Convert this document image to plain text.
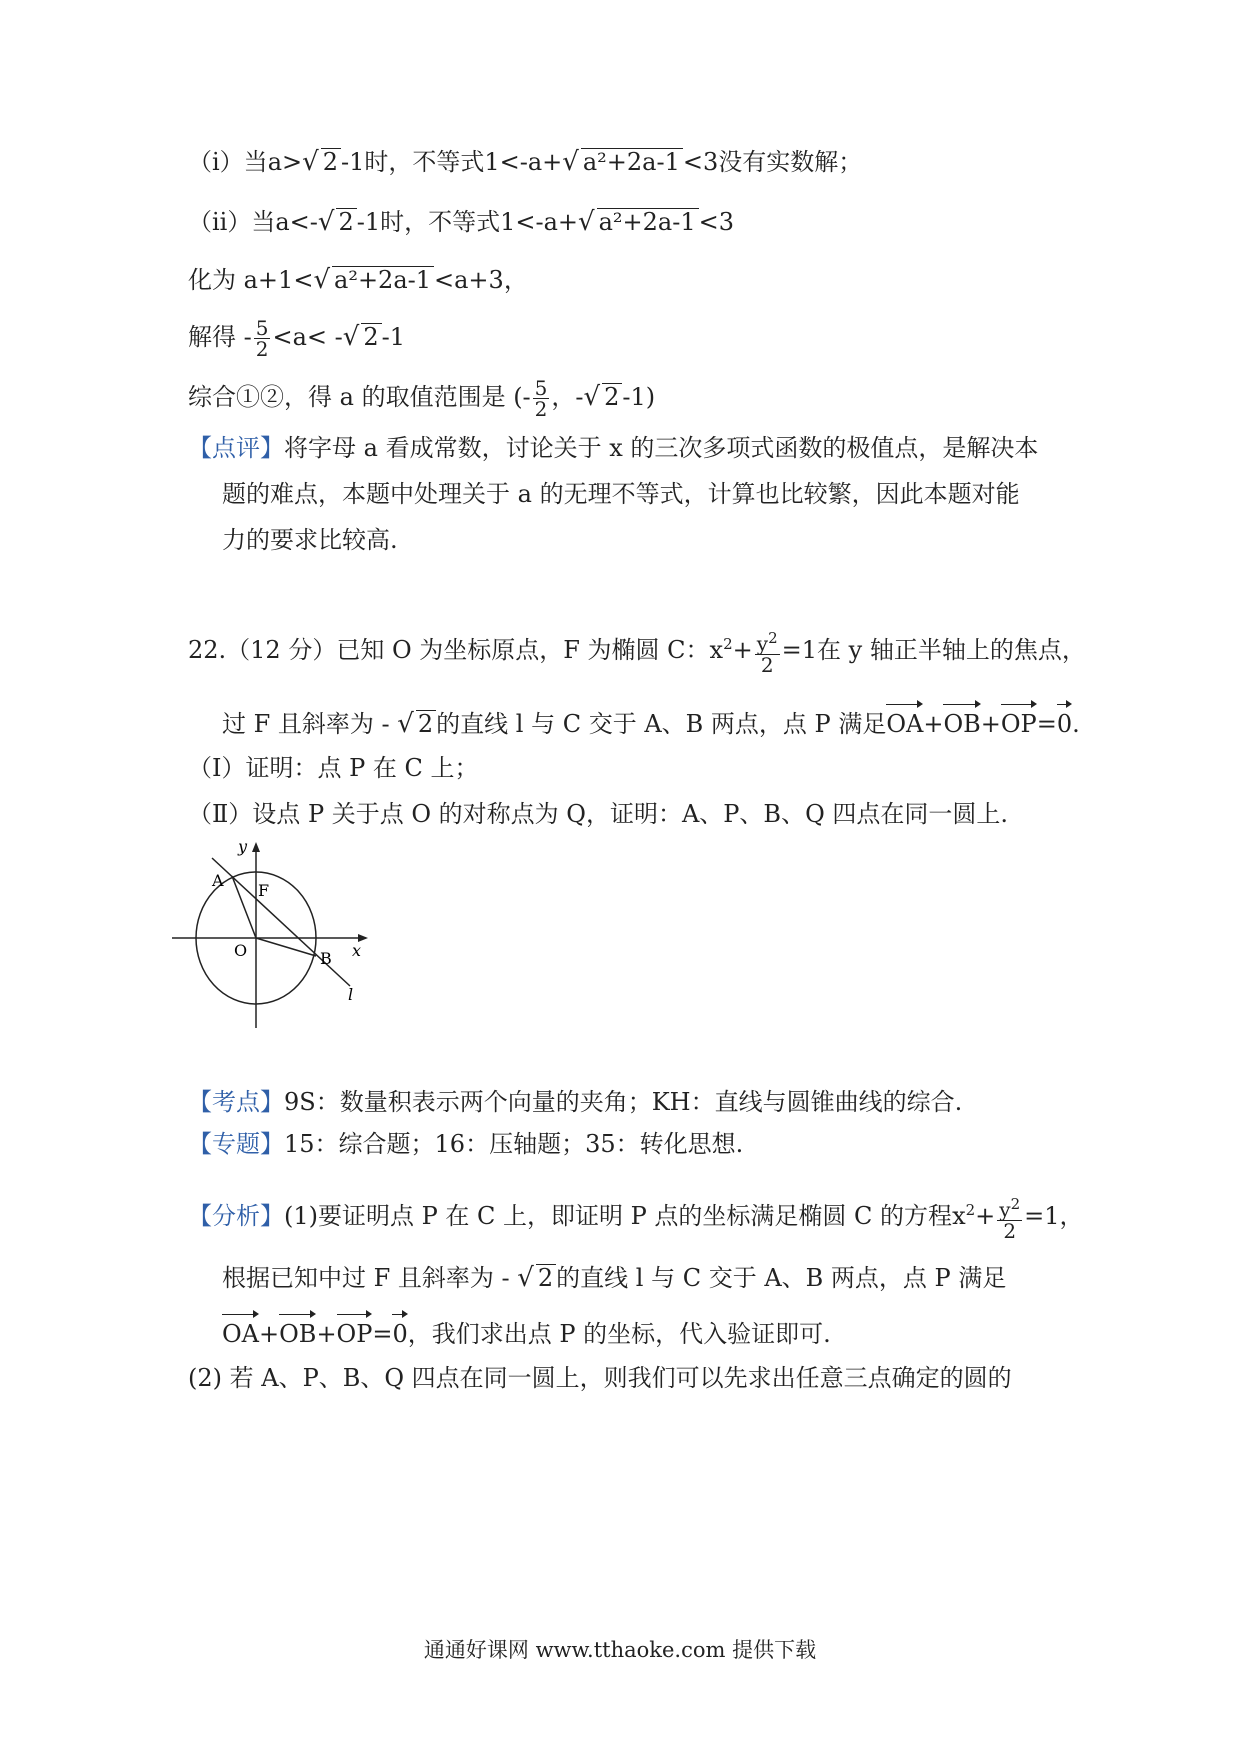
（i）当a>√ 2 -1时，不等式1<-a+√ a²+2a-1 <3没有实数解；
（ii）当a<-√ 2 -1时，不等式1<-a+√ a²+2a-1 <3
化为 a+1<√ a²+2a-1 <a+3，
解得 - $\frac{5}{2} <a<$ -√ 2 -1
综合①②，得 a 的取值范围是 (- $\frac{5}{2}$ ，-√ 2 -1)
【点评】将字母 a 看成常数，讨论关于 x 的三次多项式函数的极值点，是解决本
题的难点，本题中处理关于 a 的无理不等式，计算也比较繁，因此本题对能
力的要求比较高.
22.（12 分）已知 O 为坐标原点，F 为椭圆 C：$x^2+ \frac{y^2}{2} =1$在 y 轴正半轴上的焦点，
过 F 且斜率为 - √ 2 的直线 l 与 C 交于 A、B 两点，点 P 满足OA+OB+OP=0.
（Ⅰ）证明：点 P 在 C 上；
（Ⅱ）设点 P 关于点 O 的对称点为 Q，证明：A、P、B、Q 四点在同一圆上.
y
x
A
F
O	B
l
【考点】9S：数量积表示两个向量的夹角；KH：直线与圆锥曲线的综合.
【专题】15：综合题；16：压轴题；35：转化思想.
【分析】(1)要证明点 P 在 C 上，即证明 P 点的坐标满足椭圆 C 的方程$x^2+ \frac{y^2}{2} =1$，
根据已知中过 F 且斜率为 - √ 2 的直线 l 与 C 交于 A、B 两点，点 P 满足
OA+OB+OP=0，我们求出点 P 的坐标，代入验证即可.
(2) 若 A、P、B、Q 四点在同一圆上，则我们可以先求出任意三点确定的圆的
通通好课网 www.tthaoke.com 提供下载
